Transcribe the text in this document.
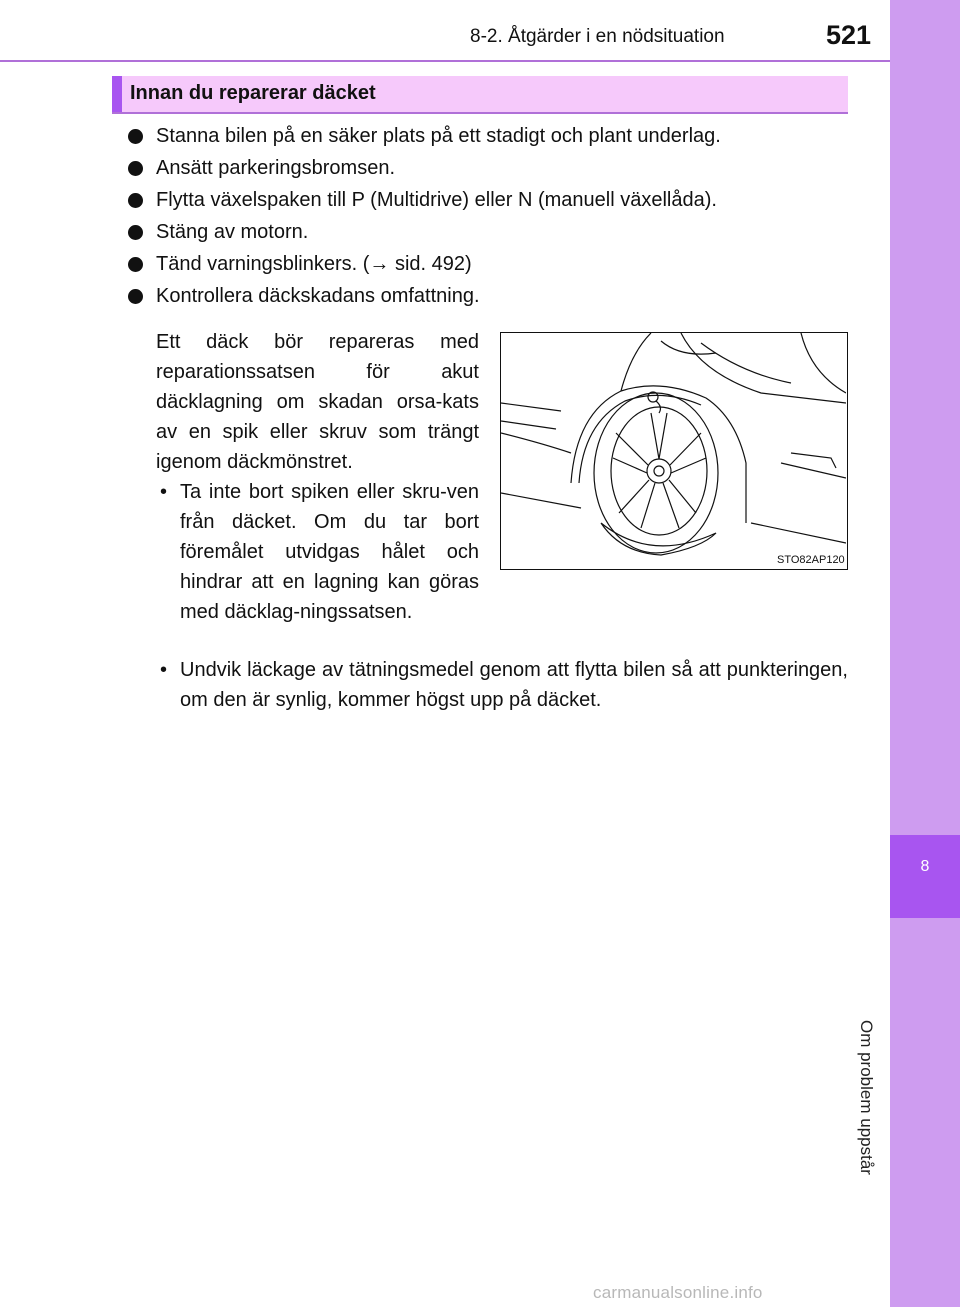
8-2. Åtgärder i en nödsituation	521
8
Om problem uppstår
Innan du reparerar däcket
Stanna bilen på en säker plats på ett stadigt och plant underlag.
Ansätt parkeringsbromsen.
Flytta växelspaken till P (Multidrive) eller N (manuell växellåda).
Stäng av motorn.
Tänd varningsblinkers. (→ sid. 492)
Kontrollera däckskadans omfattning.
Ett däck bör repareras med reparationssatsen för akut däcklagning om skadan orsa-kats av en spik eller skruv som trängt igenom däckmönstret.
• Ta inte bort spiken eller skru-ven från däcket. Om du tar bort föremålet utvidgas hålet och hindrar att en lagning kan göras med däcklag-ningssatsen.
• Undvik läckage av tätningsmedel genom att flytta bilen så att punkteringen, om den är synlig, kommer högst upp på däcket.
STO82AP120
carmanualsonline.info
